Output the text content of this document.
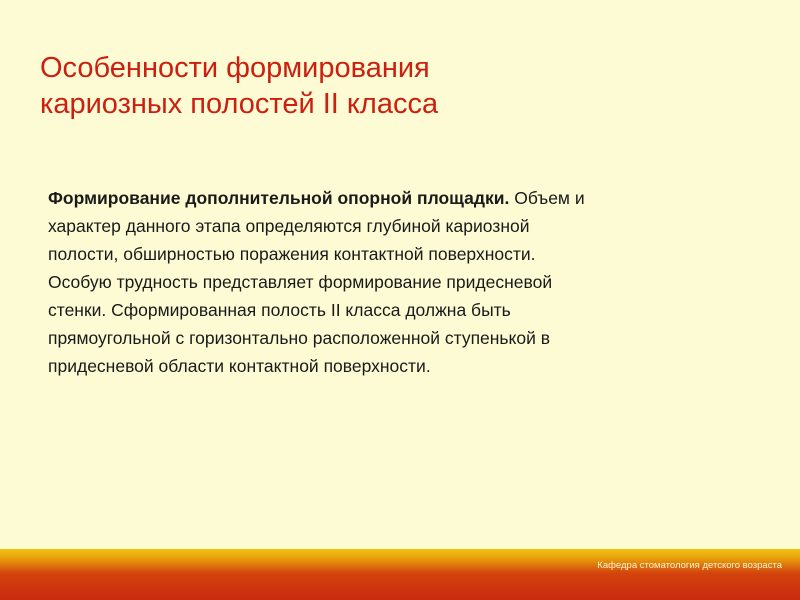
Особенности формирования
кариозных полостей II класса
Формирование дополнительной опорной площадки. Объем и
характер данного этапа определяются глубиной кариозной
полости, обширностью поражения контактной поверхности.
Особую трудность представляет формирование придесневой
стенки. Сформированная полость II класса должна быть
прямоугольной с горизонтально расположенной ступенькой в
придесневой области контактной поверхности.
Кафедра стоматология детского возраста
